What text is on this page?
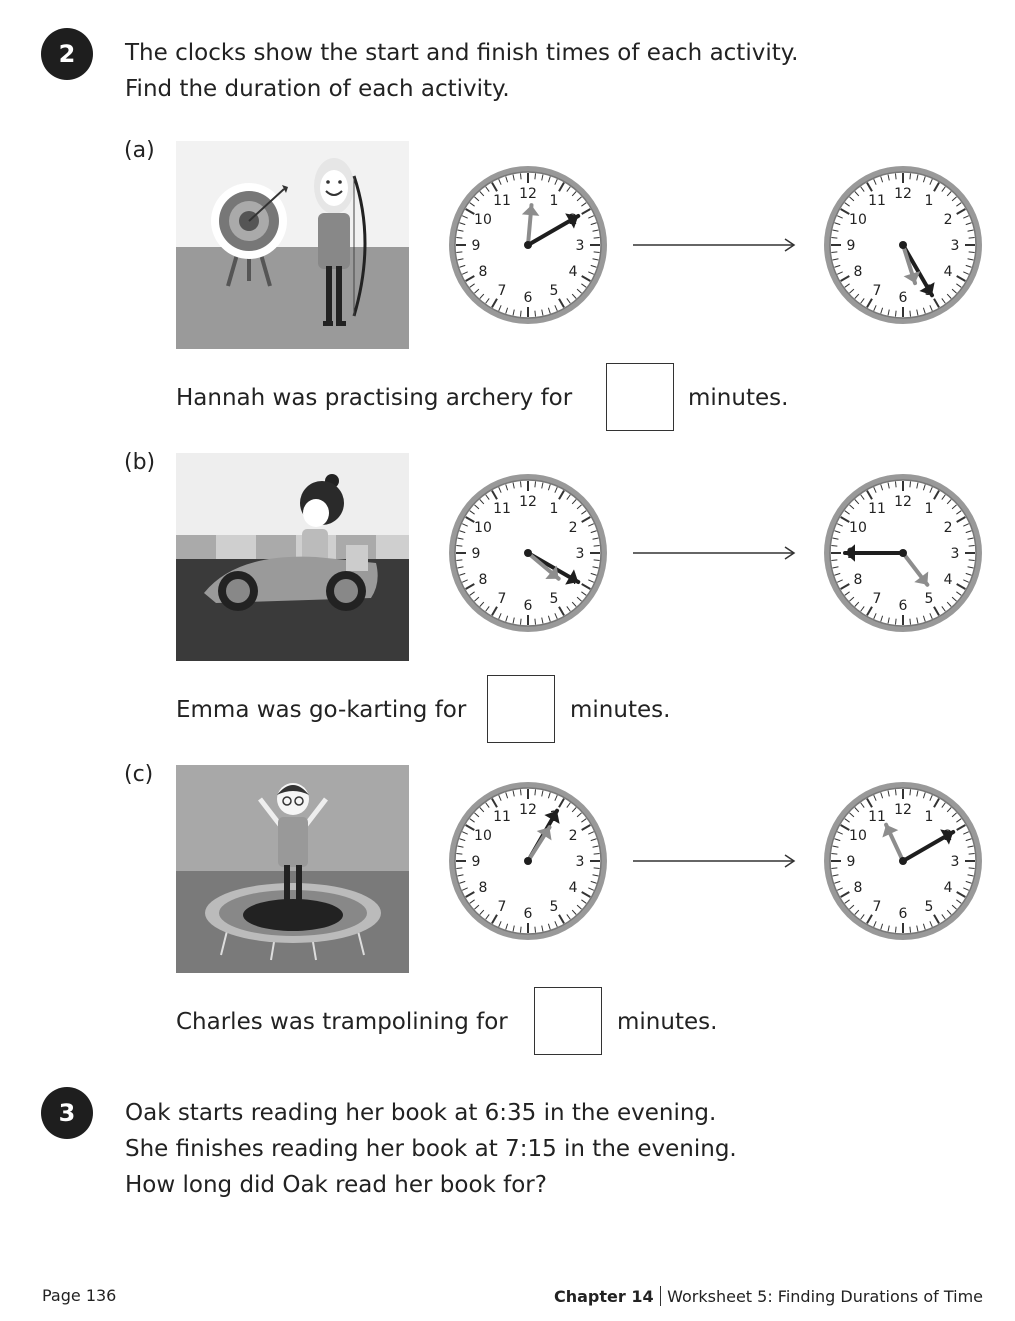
2 The clocks show the start and finish times of each activity.
Find the duration of each activity.
(a)
(b)
(c)
1
3
4
5
6
7
8
9
10
11 12	1
2
3
4
6
7
8
9
10
11 12
1
2
3
5
6
7
8
9
10
11 12	1
2
3
4
5
6
7
8
10
11 12
2
3
4
5
6
7
8
9
10
11 12	1
3
4
5
6
7
8
9
10
11 12
Hannah was practising archery for	minutes.
Emma was go-karting for	minutes.
Charles was trampolining for	minutes.
3 Oak starts reading her book at 6:35 in the evening.
She finishes reading her book at 7:15 in the evening.
How long did Oak read her book for?
Page 136	Chapter 14 Worksheet 5: Finding Durations of Time
